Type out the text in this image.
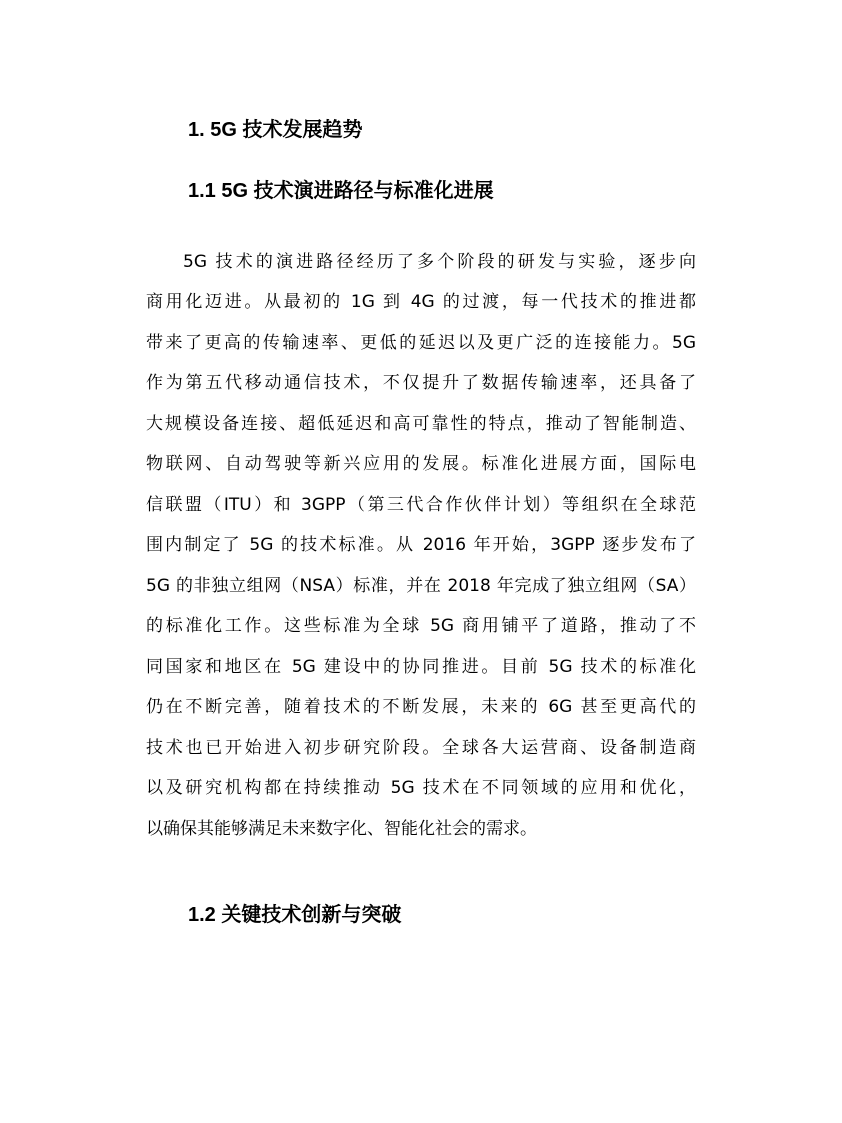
1. 5G 技术发展趋势
1.1 5G 技术演进路径与标准化进展

5G 技术的演进路径经历了多个阶段的研发与实验，逐步向

商用化迈进。从最初的 1G 到 4G 的过渡，每一代技术的推进都

带来了更高的传输速率、更低的延迟以及更广泛的连接能力。5G

作为第五代移动通信技术，不仅提升了数据传输速率，还具备了

大规模设备连接、超低延迟和高可靠性的特点，推动了智能制造、

物联网、自动驾驶等新兴应用的发展。标准化进展方面，国际电

信联盟（ITU）和 3GPP（第三代合作伙伴计划）等组织在全球范

围内制定了 5G 的技术标准。从 2016 年开始，3GPP 逐步发布了

5G 的非独立组网（NSA）标准，并在 2018 年完成了独立组网（SA）

的标准化工作。这些标准为全球 5G 商用铺平了道路，推动了不

同国家和地区在 5G 建设中的协同推进。目前 5G 技术的标准化

仍在不断完善，随着技术的不断发展，未来的 6G 甚至更高代的

技术也已开始进入初步研究阶段。全球各大运营商、设备制造商

以及研究机构都在持续推动 5G 技术在不同领域的应用和优化，

以确保其能够满足未来数字化、智能化社会的需求。

1.2 关键技术创新与突破
